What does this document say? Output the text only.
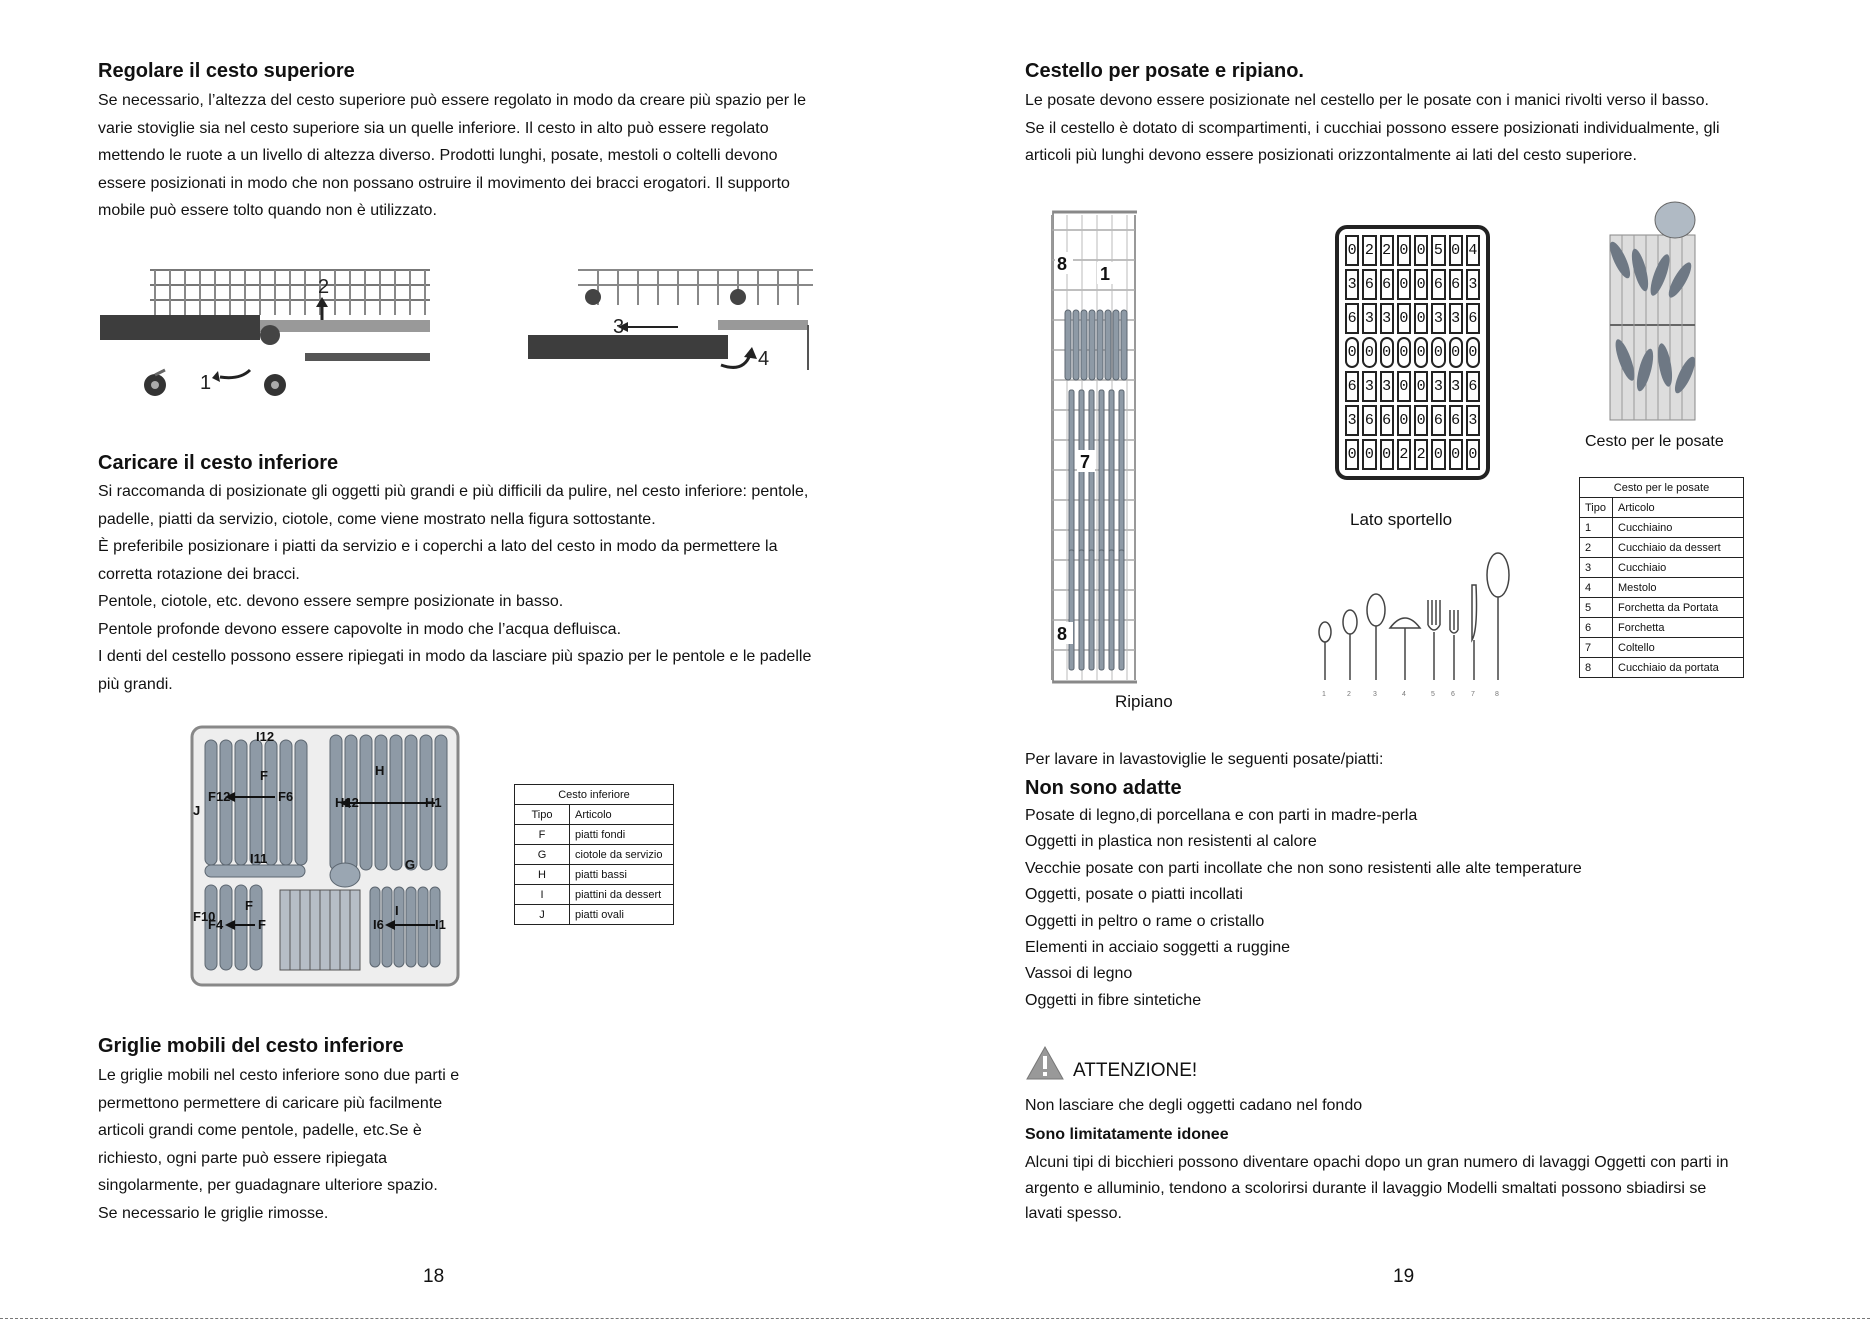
Regolare il cesto superiore

Se necessario, l’altezza del cesto superiore può essere regolato in modo da creare più spazio per le

varie stoviglie sia nel cesto superiore sia un quelle inferiore. Il cesto in alto può essere regolato

mettendo le ruote a un livello di altezza diverso. Prodotti lunghi, posate, mestoli o coltelli devono

essere posizionati in modo che non possano ostruire il movimento dei bracci erogatori. Il supporto

mobile può essere tolto quando non è utilizzato.

1
2
3
4
Caricare il cesto inferiore

Si raccomanda di posizionate gli oggetti più grandi e più difficili da pulire, nel cesto inferiore: pentole,

padelle, piatti da servizio, ciotole, come viene mostrato nella figura sottostante.

È preferibile posizionare i piatti da servizio e i coperchi a lato del cesto in modo da permettere la

corretta rotazione dei bracci.

Pentole, ciotole, etc. devono essere sempre posizionate in basso.

Pentole profonde devono essere capovolte in modo che l’acqua defluisca.

I denti del cestello possono essere ripiegati in modo da lasciare più spazio per le pentole e le padelle

più grandi.

I12
F
F12	F6	H12	H1
H
J
I11	G
F10
F4
F
F	I6
I
I1
Cesto inferiore	
Tipo	Articolo
F	piatti fondi
G	ciotole da servizio
H	piatti bassi
I	piattini da dessert
J	piatti ovali
Griglie mobili del cesto inferiore

Le griglie mobili nel cesto inferiore sono due parti e

permettono permettere di caricare più facilmente

articoli grandi come pentole, padelle, etc.Se è

richiesto, ogni parte può essere ripiegata

singolarmente, per guadagnare ulteriore spazio.

Se necessario le griglie rimosse.

18
Cestello per posate e ripiano.

Le posate devono essere posizionate nel cestello per le posate con i manici rivolti verso il basso.

Se il cestello è dotato di scompartimenti, i cucchiai possono essere posizionati individualmente, gli

articoli più lunghi devono essere posizionati orizzontalmente ai lati del cesto superiore.

8 1
7
8
Ripiano
0 2 2 0 0 5 0 4
3 6 6 0 0 6 6 3
6 3 3 0 0 3 3 6
0 0 0 0 0 0 0 0
6 3 3 0 0 3 3 6
3 6 6 0 0 6 6 3
0 0 0 2 2 0 0 0
Lato sportello
1	2	3	4	5 6 7	8
Cesto per le posate
Cesto per le posate	
Tipo	Articolo
1	Cucchiaino
2	Cucchiaio da dessert
3	Cucchiaio
4	Mestolo
5	Forchetta da Portata
6	Forchetta
7	Coltello
8	Cucchiaio da portata
Per lavare in lavastoviglie le seguenti posate/piatti:
Non sono adatte
Posate di legno,di porcellana e con parti in madre-perla
Oggetti in plastica non resistenti al calore
Vecchie posate con parti incollate che non sono resistenti alle alte temperature
Oggetti, posate o piatti incollati
Oggetti in peltro o rame o cristallo
Elementi in acciaio soggetti a ruggine
Vassoi di legno
Oggetti in fibre sintetiche
ATTENZIONE!
Non lasciare che degli oggetti cadano nel fondo
Sono limitatamente idonee

Alcuni tipi di bicchieri possono diventare opachi dopo un gran numero di lavaggi Oggetti con parti in

argento e alluminio, tendono a scolorirsi durante il lavaggio Modelli smaltati possono sbiadirsi se

lavati spesso.

19
